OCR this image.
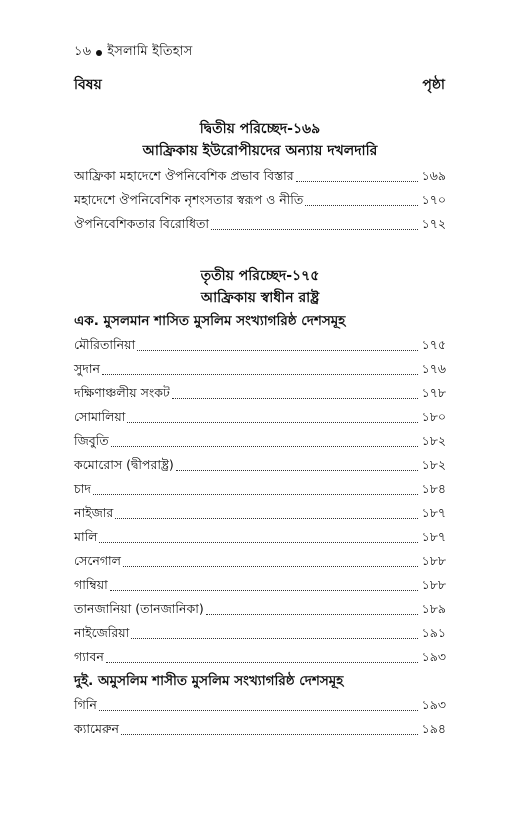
১৬ ইসলামি ইতিহাস
বিষয়	পৃষ্ঠা
দ্বিতীয় পরিচ্ছেদ-১৬৯
আফ্রিকায় ইউরোপীয়দের অন্যায় দখলদারি
আফ্রিকা মহাদেশে ঔপনিবেশিক প্রভাব বিস্তার	১৬৯
মহাদেশে ঔপনিবেশিক নৃশংসতার স্বরূপ ও নীতি	১৭০
ঔপনিবেশিকতার বিরোধিতা	১৭২
তৃতীয় পরিচ্ছেদ-১৭৫
আফ্রিকায় স্বাধীন রাষ্ট্র
এক. মুসলমান শাসিত মুসলিম সংখ্যাগরিষ্ঠ দেশসমূহ
মৌরিতানিয়া	১৭৫
সুদান	১৭৬
দক্ষিণাঞ্চলীয় সংকট	১৭৮
সোমালিয়া	১৮০
জিবুতি	১৮২
কমোরোস (দ্বীপরাষ্ট্র)	১৮২
চাদ	১৮৪
নাইজার	১৮৭
মালি	১৮৭
সেনেগাল	১৮৮
গাম্বিয়া	১৮৮
তানজানিয়া (তানজানিকা)	১৮৯
নাইজেরিয়া	১৯১
গ্যাবন	১৯৩
দুই. অমুসলিম শাসীত মুসলিম সংখ্যাগরিষ্ঠ দেশসমূহ
গিনি	১৯৩
ক্যামেরুন	১৯৪
